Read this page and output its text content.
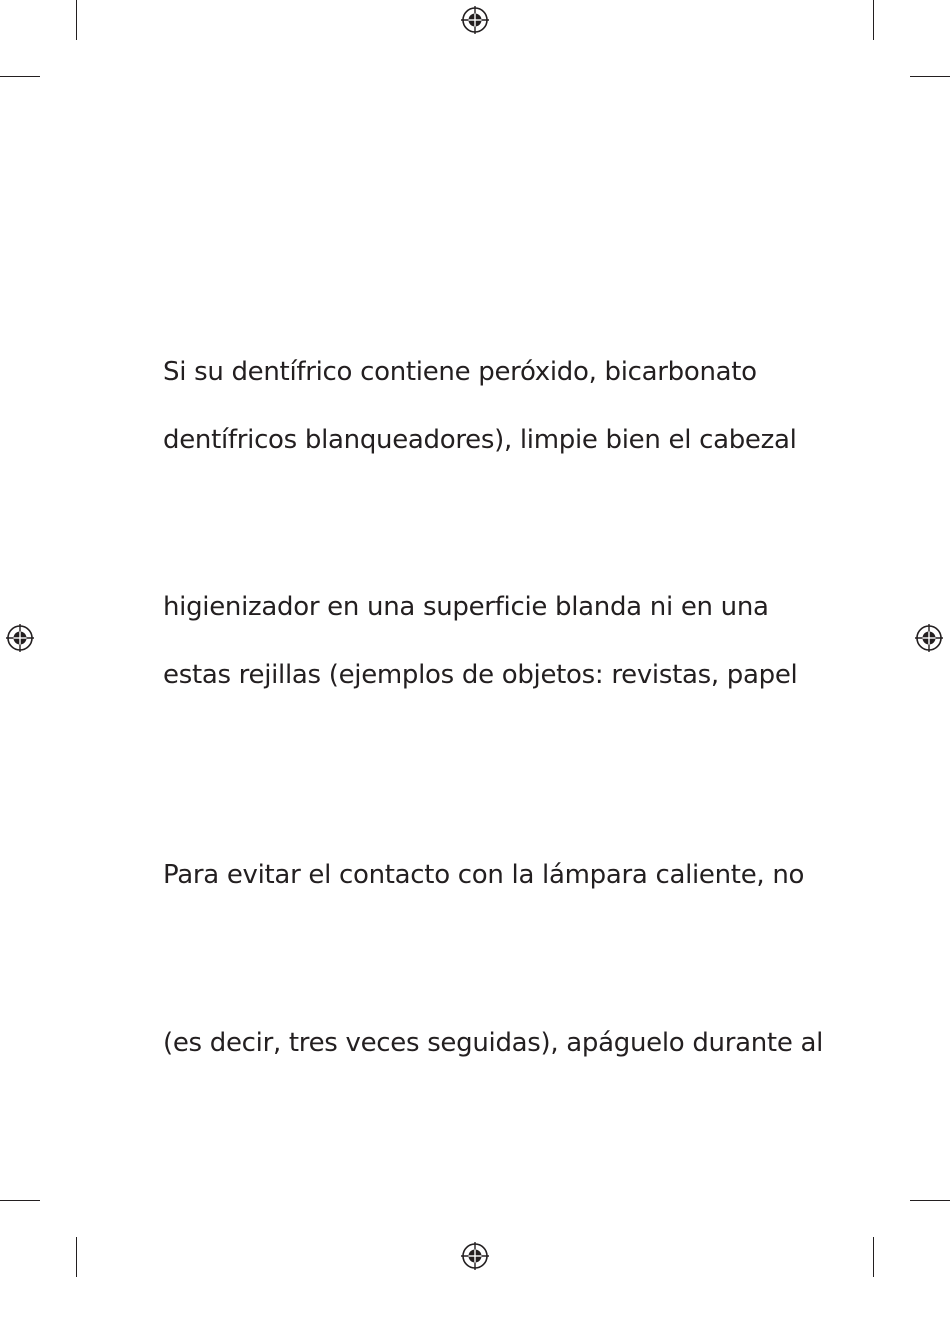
Si su dentífrico contiene peróxido, bicarbonato

dentífricos blanqueadores), limpie bien el cabezal

higienizador en una superficie blanda ni en una

estas rejillas (ejemplos de objetos: revistas, papel

Para evitar el contacto con la lámpara caliente, no

(es decir, tres veces seguidas), apáguelo durante al
